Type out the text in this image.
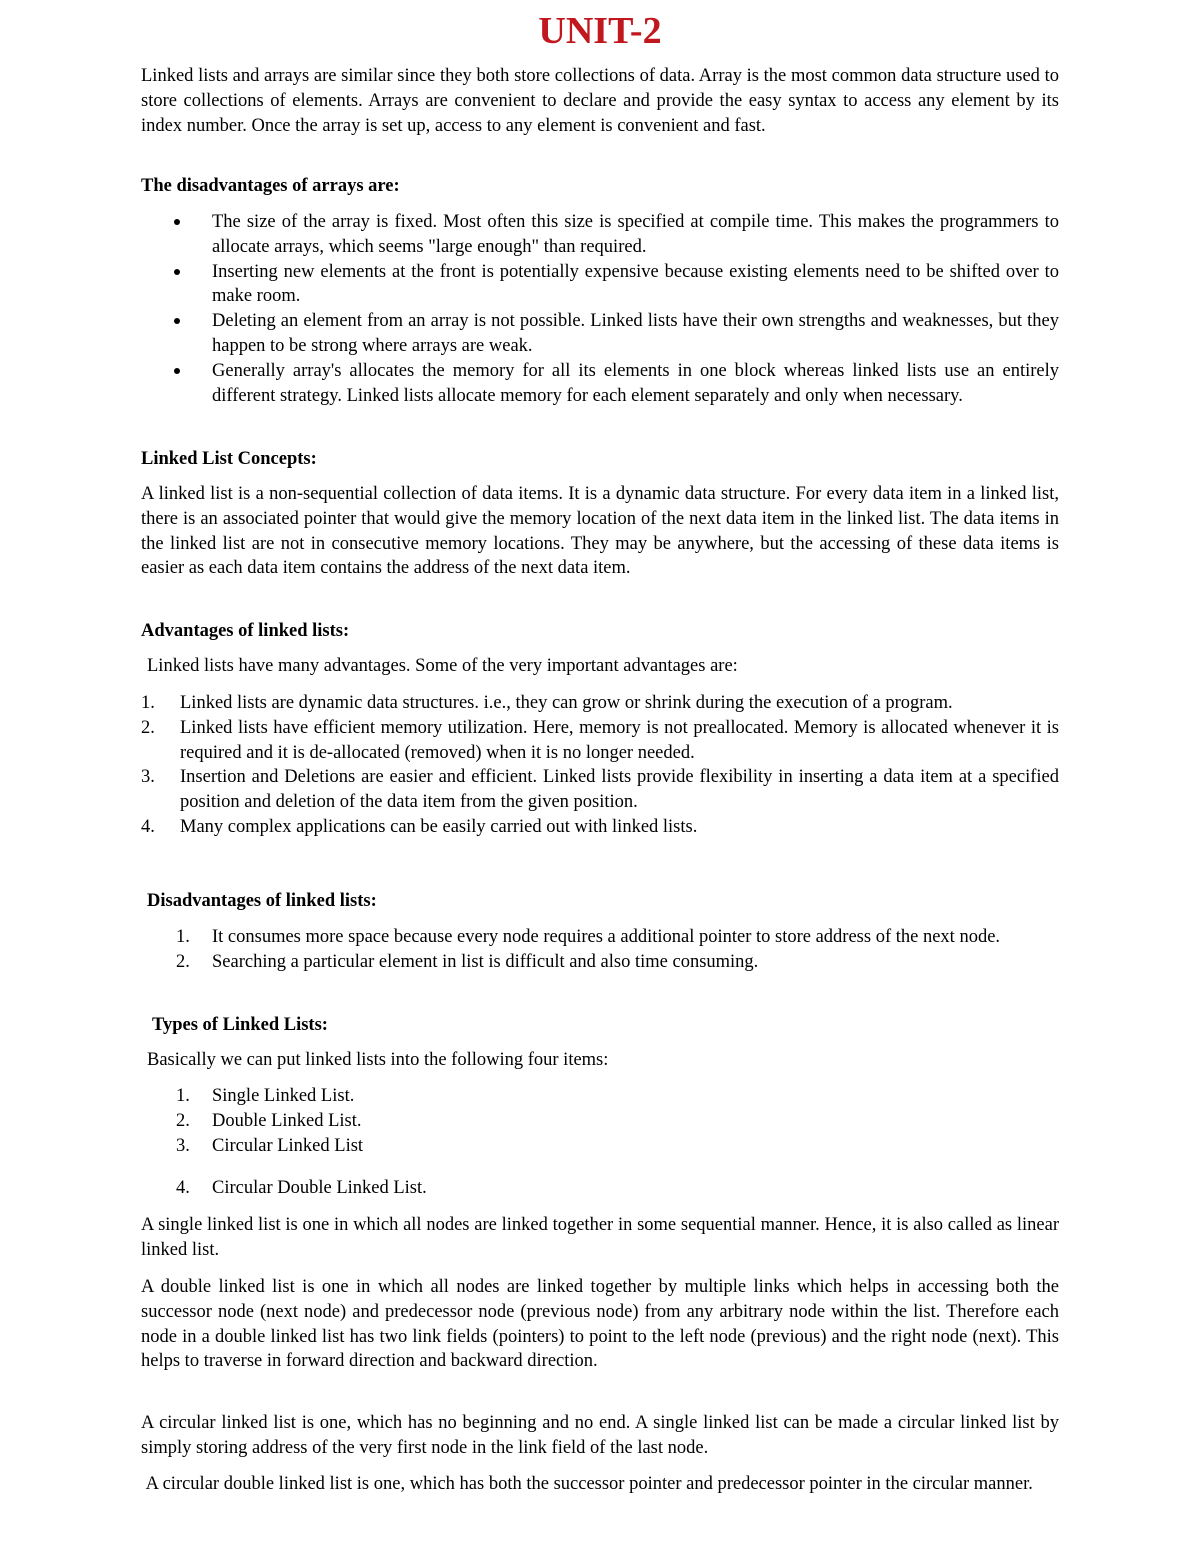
UNIT-2

Linked lists and arrays are similar since they both store collections of data. Array is the most common data structure used to store collections of elements. Arrays are convenient to declare and provide the easy syntax to access any element by its index number. Once the array is set up, access to any element is convenient and fast.

The disadvantages of arrays are:
The size of the array is fixed. Most often this size is specified at compile time. This makes the programmers to allocate arrays, which seems "large enough" than required.
Inserting new elements at the front is potentially expensive because existing elements need to be shifted over to make room.
Deleting an element from an array is not possible. Linked lists have their own strengths and weaknesses, but they happen to be strong where arrays are weak.
Generally array's allocates the memory for all its elements in one block whereas linked lists use an entirely different strategy. Linked lists allocate memory for each element separately and only when necessary.
Linked List Concepts:

A linked list is a non-sequential collection of data items. It is a dynamic data structure. For every data item in a linked list, there is an associated pointer that would give the memory location of the next data item in the linked list. The data items in the linked list are not in consecutive memory locations. They may be anywhere, but the accessing of these data items is easier as each data item contains the address of the next data item.

Advantages of linked lists:

Linked lists have many advantages. Some of the very important advantages are:

1. Linked lists are dynamic data structures. i.e., they can grow or shrink during the execution of a program.
2. Linked lists have efficient memory utilization. Here, memory is not preallocated. Memory is allocated whenever it is required and it is de-allocated (removed) when it is no longer needed.
3. Insertion and Deletions are easier and efficient. Linked lists provide flexibility in inserting a data item at a specified position and deletion of the data item from the given position.
4. Many complex applications can be easily carried out with linked lists.
Disadvantages of linked lists:
1. It consumes more space because every node requires a additional pointer to store address of the next node.
2. Searching a particular element in list is difficult and also time consuming.
Types of Linked Lists:

Basically we can put linked lists into the following four items:

1. Single Linked List.
2. Double Linked List.
3. Circular Linked List
4. Circular Double Linked List.

A single linked list is one in which all nodes are linked together in some sequential manner. Hence, it is also called as linear linked list.

A double linked list is one in which all nodes are linked together by multiple links which helps in accessing both the successor node (next node) and predecessor node (previous node) from any arbitrary node within the list. Therefore each node in a double linked list has two link fields (pointers) to point to the left node (previous) and the right node (next). This helps to traverse in forward direction and backward direction.

A circular linked list is one, which has no beginning and no end. A single linked list can be made a circular linked list by simply storing address of the very first node in the link field of the last node.

A circular double linked list is one, which has both the successor pointer and predecessor pointer in the circular manner.
